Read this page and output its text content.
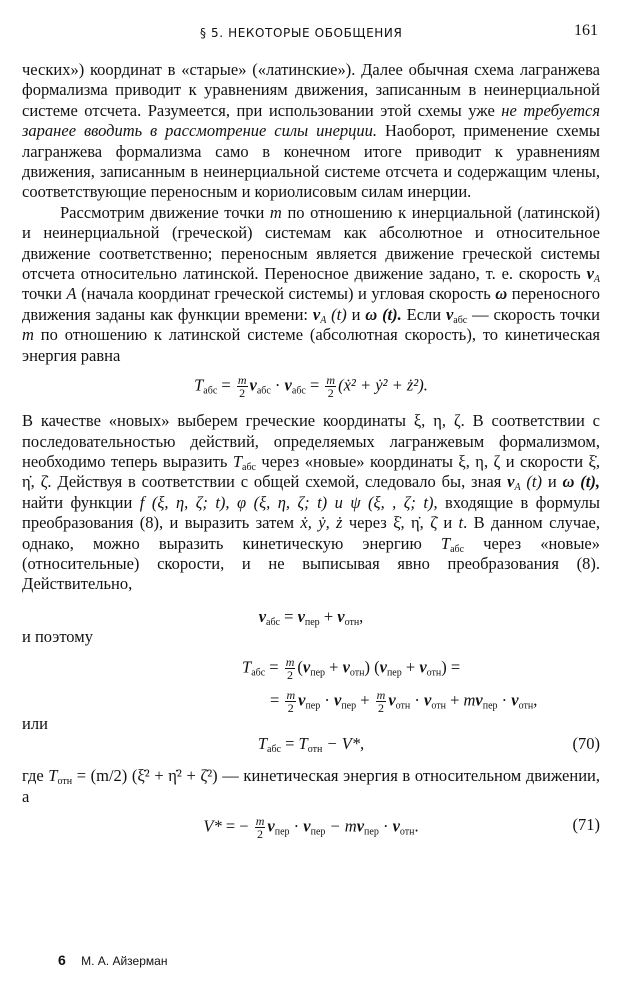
§ 5. НЕКОТОРЫЕ ОБОБЩЕНИЯ	161

ческих») координат в «старые» («латинские»). Далее обычная схема лагранжева формализма приводит к уравнениям движения, записанным в неинерциальной системе отсчета. Разумеется, при использовании этой схемы уже не требуется заранее вводить в рассмотрение силы инерции. Наоборот, применение схемы лагранжева формализма само в конечном итоге приводит к уравнениям движения, записанным в неинерциальной системе отсчета и содержащим члены, соответствующие переносным и кориолисовым силам инерции.

Рассмотрим движение точки m по отношению к инерциальной (латинской) и неинерциальной (греческой) системам как абсолютное и относительное движение соответственно; переносным является движение греческой системы отсчета относительно латинской. Переносное движение задано, т. е. скорость $v_A$ точки A (начала координат греческой системы) и угловая скорость ω переносного движения заданы как функции времени: $v_A$ (t) и ω (t). Если $v_{абс}$ — скорость точки m по отношению к латинской системе (абсолютная скорость), то кинетическая энергия равна

$T_{абс} = \frac{m}{2} v_{абс} \cdot v_{абс} = \frac{m}{2}$ (ẋ² + ẏ² + ż²).

В качестве «новых» выберем греческие координаты ξ, η, ζ. В соответствии с последовательностью действий, определяемых лагранжевым формализмом, необходимо теперь выразить $T_{абс}$ через «новые» координаты ξ, η, ζ и скорости ξ̇, η̇, ζ̇. Действуя в соответствии с общей схемой, следовало бы, зная $v_A$ (t) и ω (t), найти функции f (ξ, η, ζ; t), φ (ξ, η, ζ; t) и ψ (ξ, , ζ; t), входящие в формулы преобразования (8), и выразить затем ẋ, ẏ, ż через ξ̇, η̇, ζ̇ и t. В данном случае, однако, можно выразить кинетическую энергию $T_{абс}$ через «новые» (относительные) скорости, и не выписывая явно преобразования (8). Действительно,

$v_{абс} = v_{пер} + v_{отн}$,

и поэтому

$T_{абс} = \frac{m}{2} (v_{пер} + v_{отн}) (v_{пер} + v_{отн})$ =
= $\frac{m}{2} v_{пер} \cdot v_{пер} + \frac{m}{2} v_{отн} \cdot v_{отн} + mv_{пер} \cdot v_{отн}$,

или

$T_{абс} = T_{отн} - V*$,	(70)

где $T_{отн} = (m/2)$ (ξ̇² + η̇² + ζ̇²) — кинетическая энергия в относительном движении, а

V* = − $\frac{m}{2} v_{пер} \cdot v_{пер} - mv_{пер} \cdot v_{отн}$.	(71)
6 М. А. Айзерман
